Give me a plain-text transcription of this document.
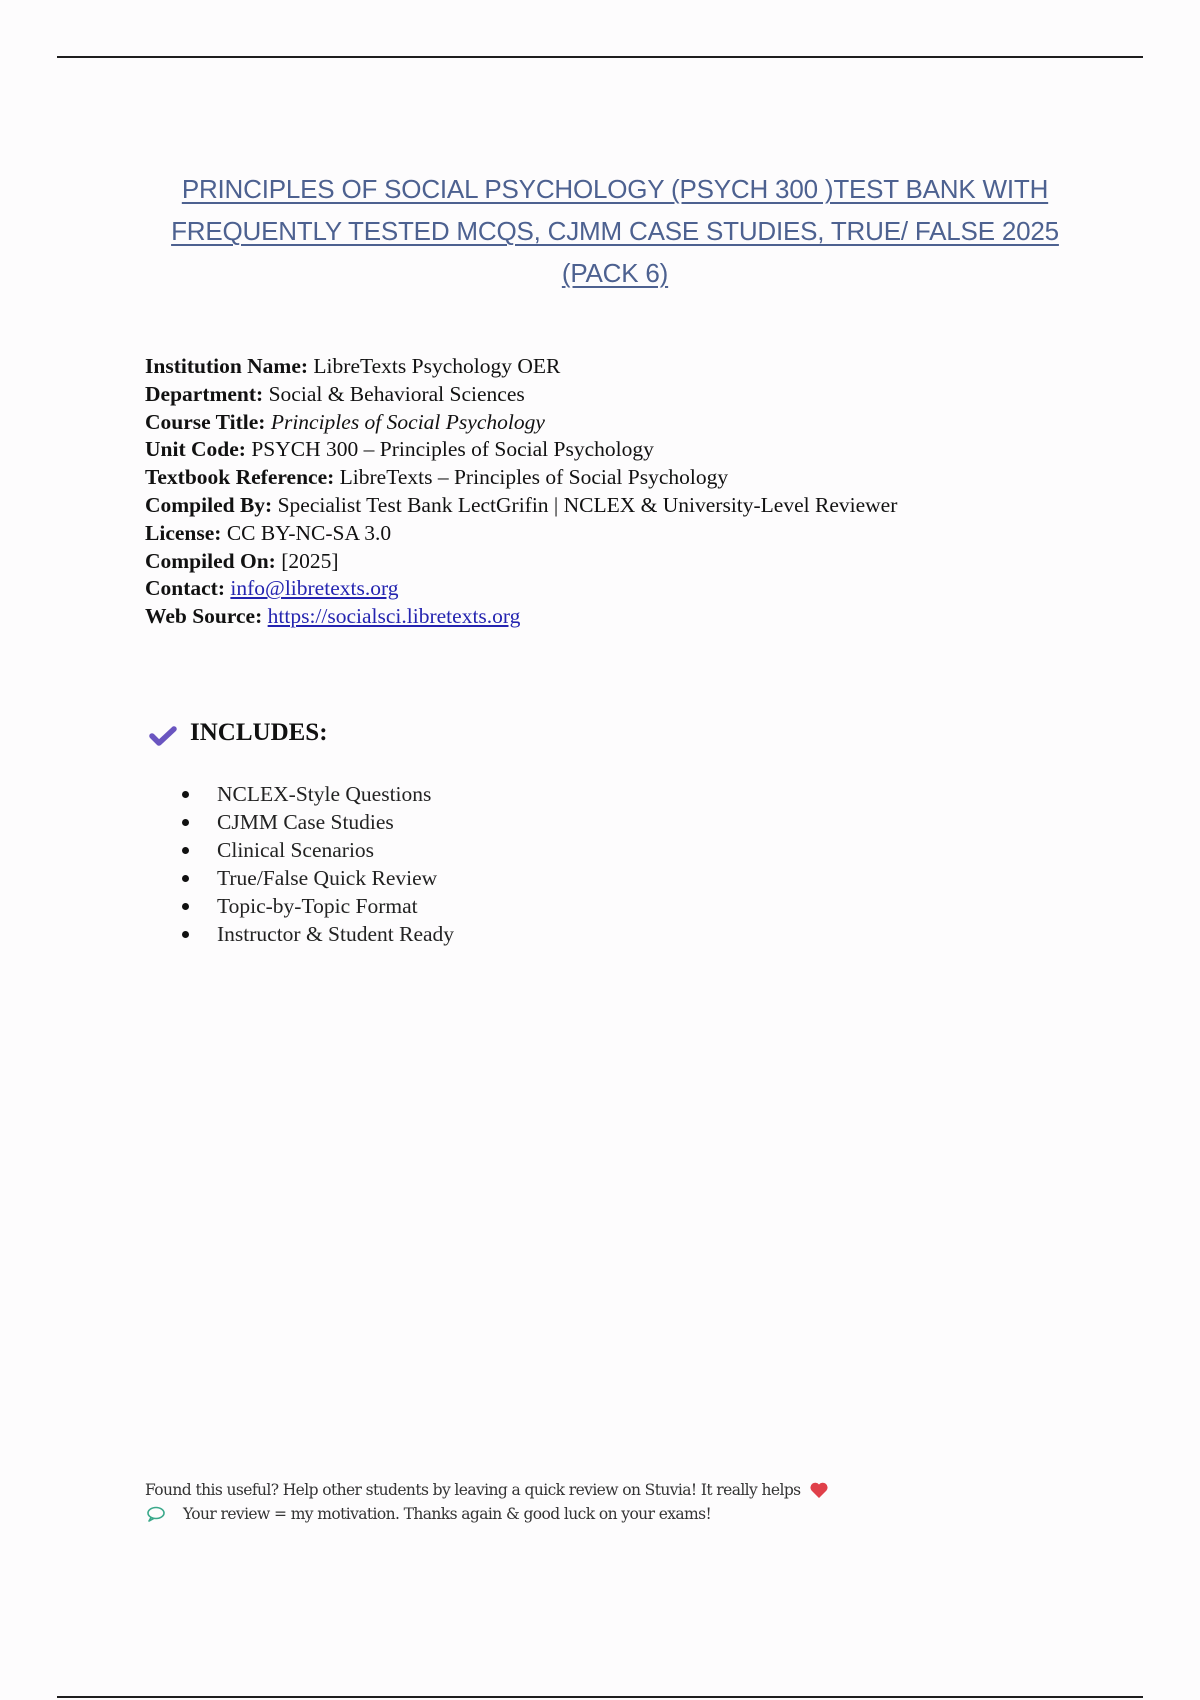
PRINCIPLES OF SOCIAL PSYCHOLOGY (PSYCH 300 )TEST BANK WITH
FREQUENTLY TESTED MCQS, CJMM CASE STUDIES, TRUE/ FALSE 2025
(PACK 6)
Institution Name: LibreTexts Psychology OER
Department: Social & Behavioral Sciences
Course Title: Principles of Social Psychology
Unit Code: PSYCH 300 – Principles of Social Psychology
Textbook Reference: LibreTexts – Principles of Social Psychology
Compiled By: Specialist Test Bank LectGrifin | NCLEX & University-Level Reviewer
License: CC BY-NC-SA 3.0
Compiled On: [2025]
Contact: info@libretexts.org
Web Source: https://socialsci.libretexts.org
INCLUDES:
NCLEX-Style Questions
CJMM Case Studies
Clinical Scenarios
True/False Quick Review
Topic-by-Topic Format
Instructor & Student Ready
Found this useful? Help other students by leaving a quick review on Stuvia! It really helps
Your review = my motivation. Thanks again & good luck on your exams!
